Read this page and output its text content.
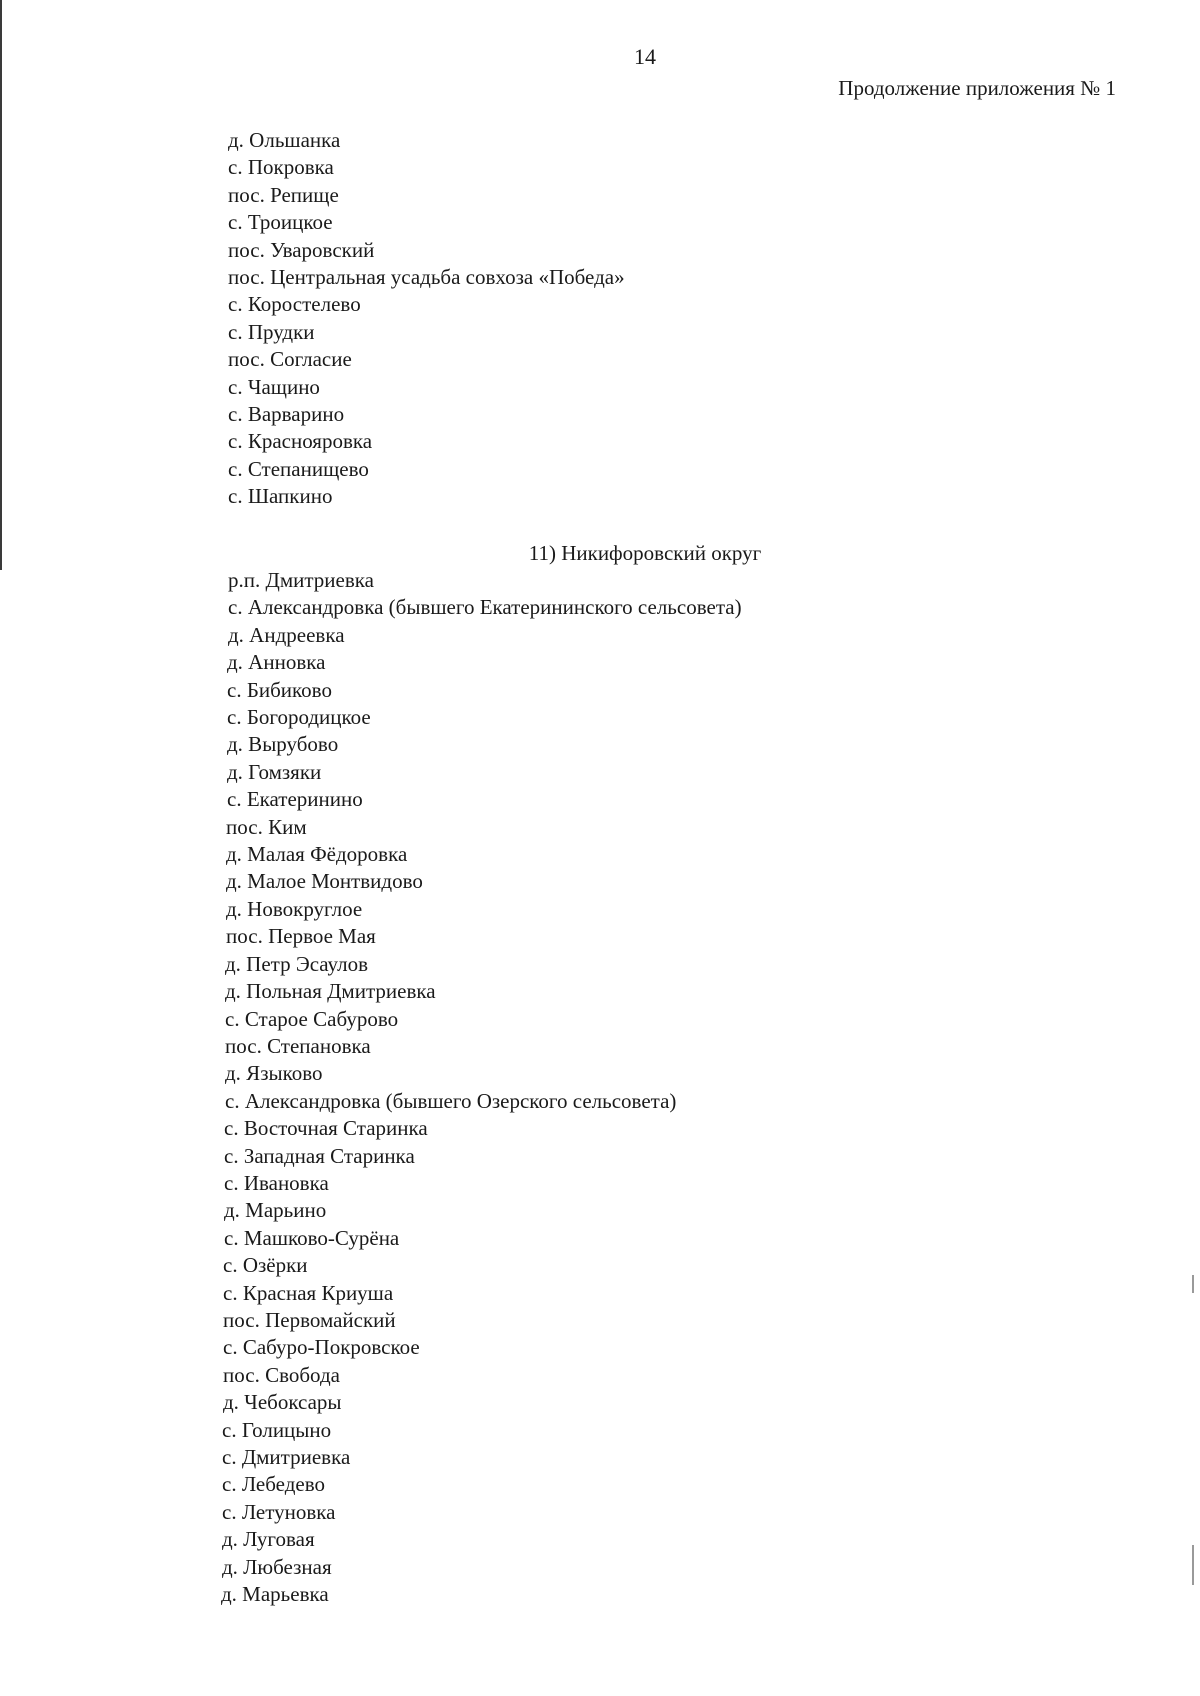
14
Продолжение приложения № 1
д. Ольшанка
с. Покровка
пос. Репище
с. Троицкое
пос. Уваровский
пос. Центральная усадьба совхоза «Победа»
с. Коростелево
с. Прудки
пос. Согласие
с. Чащино
с. Варварино
с. Краснояровка
с. Степанищево
с. Шапкино
11) Никифоровский округ
р.п. Дмитриевка
с. Александровка (бывшего Екатерининского сельсовета)
д. Андреевка
д. Анновка
с. Бибиково
с. Богородицкое
д. Вырубово
д. Гомзяки
с. Екатеринино
пос. Ким
д. Малая Фёдоровка
д. Малое Монтвидово
д. Новокруглое
пос. Первое Мая
д. Петр Эсаулов
д. Польная Дмитриевка
с. Старое Сабурово
пос. Степановка
д. Языково
с. Александровка (бывшего Озерского сельсовета)
с. Восточная Старинка
с. Западная Старинка
с. Ивановка
д. Марьино
с. Машково-Сурёна
с. Озёрки
с. Красная Криуша
пос. Первомайский
с. Сабуро-Покровское
пос. Свобода
д. Чебоксары
с. Голицыно
с. Дмитриевка
с. Лебедево
с. Летуновка
д. Луговая
д. Любезная
д. Марьевка
